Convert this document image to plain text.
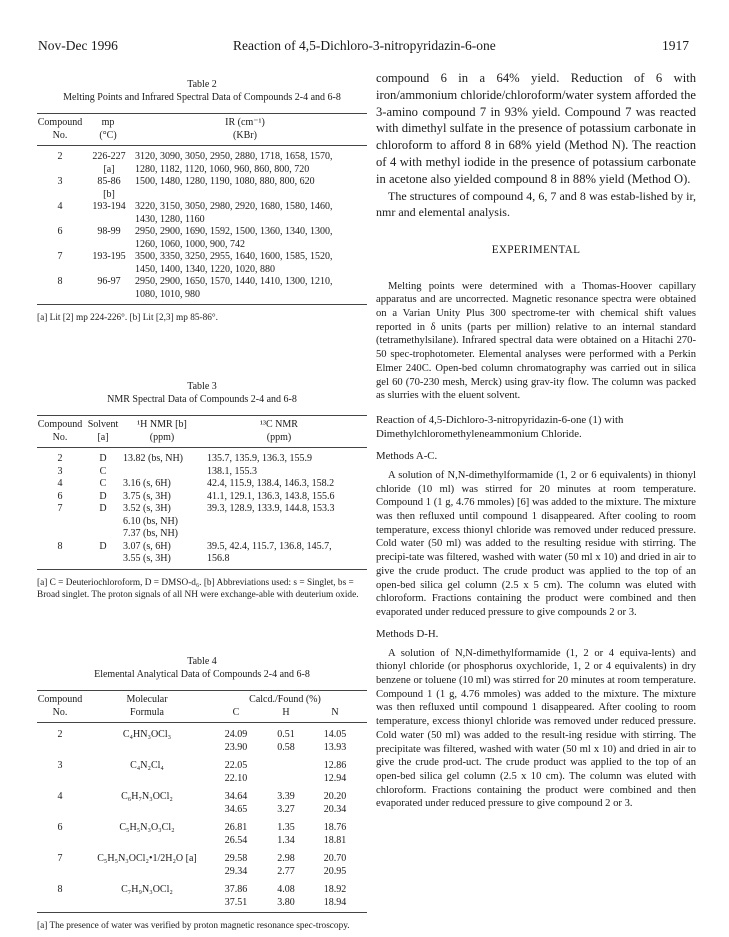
Nov-Dec 1996	Reaction of 4,5-Dichloro-3-nitropyridazin-6-one	1917
Table 2
Melting Points and Infrared Spectral Data of Compounds 2-4 and 6-8
Compound	mp	IR (cm⁻¹)
No.	(°C)	(KBr)
2	226-227	3120, 3090, 3050, 2950, 2880, 1718, 1658, 1570,
	[a]	1280, 1182, 1120, 1060, 960, 860, 800, 720
3	85-86	1500, 1480, 1280, 1190, 1080, 880, 800, 620
	[b]	
4	193-194	3220, 3150, 3050, 2980, 2920, 1680, 1580, 1460,
		1430, 1280, 1160
6	98-99	2950, 2900, 1690, 1592, 1500, 1360, 1340, 1300,
		1260, 1060, 1000, 900, 742
7	193-195	3500, 3350, 3250, 2955, 1640, 1600, 1585, 1520,
		1450, 1400, 1340, 1220, 1020, 880
8	96-97	2950, 2900, 1650, 1570, 1440, 1410, 1300, 1210,
		1080, 1010, 980
[a] Lit [2] mp 224-226°. [b] Lit [2,3] mp 85-86°.
Table 3
NMR Spectral Data of Compounds 2-4 and 6-8
Compound	Solvent	¹H NMR [b]	¹³C NMR
No.	[a]	(ppm)	(ppm)
2	D	13.82 (bs, NH)	135.7, 135.9, 136.3, 155.9
3	C		138.1, 155.3
4	C	3.16 (s, 6H)	42.4, 115.9, 138.4, 146.3, 158.2
6	D	3.75 (s, 3H)	41.1, 129.1, 136.3, 143.8, 155.6
7	D	3.52 (s, 3H)	39.3, 128.9, 133.9, 144.8, 153.3
		6.10 (bs, NH)	
		7.37 (bs, NH)	
8	D	3.07 (s, 6H)	39.5, 42.4, 115.7, 136.8, 145.7,
		3.55 (s, 3H)	156.8
[a] C = Deuteriochloroform, D = DMSO-d₆. [b] Abbreviations used: s = Singlet, bs = Broad singlet. The proton signals of all NH were exchange-able with deuterium oxide.
Table 4
Elemental Analytical Data of Compounds 2-4 and 6-8
Compound	Molecular	Calcd./Found (%)		
No.	Formula	C	H	N
2	C₄HN₃OCl₃	24.09	0.51	14.05
		23.90	0.58	13.93

3	C₄N₂Cl₄	22.05		12.86
		22.10		12.94

4	C₆H₇N₃OCl₂	34.64	3.39	20.20
		34.65	3.27	20.34

6	C₅H₅N₃O₃Cl₂	26.81	1.35	18.76
		26.54	1.34	18.81

7	C₅H₅N₃OCl₂•1/2H₂O [a]	29.58	2.98	20.70
		29.34	2.77	20.95

8	C₇H₉N₃OCl₂	37.86	4.08	18.92
		37.51	3.80	18.94
[a] The presence of water was verified by proton magnetic resonance spec-troscopy.

compound 6 in a 64% yield. Reduction of 6 with iron/ammonium chloride/chloroform/water system afforded the 3-amino compound 7 in 93% yield. Compound 7 was reacted with dimethyl sulfate in the presence of potassium carbonate in chloroform to afford 8 in 68% yield (Method N). The reaction of 4 with methyl iodide in the presence of potassium carbonate in acetone also yielded compound 8 in 88% yield (Method O).

The structures of compound 4, 6, 7 and 8 was estab-lished by ir, nmr and elemental analysis.

EXPERIMENTAL

Melting points were determined with a Thomas-Hoover capillary apparatus and are uncorrected. Magnetic resonance spectra were obtained on a Varian Unity Plus 300 spectrome-ter with chemical shift values reported in δ units (parts per million) relative to an internal standard (tetramethylsilane). Infrared spectral data were obtained on a Hitachi 270-50 spec-trophotometer. Elemental analyses were performed with a Perkin Elmer 240C. Open-bed column chromatography was carried out in silica gel 60 (70-230 mesh, Merck) using grav-ity flow. The column was packed as slurries with the eluent solvent.

Reaction of 4,5-Dichloro-3-nitropyridazin-6-one (1) with Dimethylchloromethyleneammonium Chloride.

Methods A-C.

A solution of N,N-dimethylformamide (1, 2 or 6 equivalents) in thionyl chloride (10 ml) was stirred for 20 minutes at room temperature. Compound 1 (1 g, 4.76 mmoles) [6] was added to the mixture. The mixture was then refluxed until compound 1 disappeared. After cooling to room temperature, excess thionyl chloride was removed under reduced pressure. Cold water (50 ml) was added to the resulting residue with stirring. The precipi-tate was filtered, washed with water (50 ml x 10) and dried in air to give the crude product. The crude product was applied to the top of an open-bed silica gel column (2.5 x 5 cm). The column was eluted with chloroform. Fractions containing the product were combined and then evaporated under reduced pressure to give compounds 2 or 3.

Methods D-H.

A solution of N,N-dimethylformamide (1, 2 or 4 equiva-lents) and thionyl chloride (or phosphorus oxychloride, 1, 2 or 4 equivalents) in dry benzene or toluene (10 ml) was stirred for 20 minutes at room temperature. Compound 1 (1 g, 4.76 mmoles) was added to the mixture. The mixture was then refluxed until compound 1 disappeared. After cooling to room temperature, excess thionyl chloride was removed under reduced pressure. Cold water (50 ml) was added to the result-ing residue with stirring. The precipitate was filtered, washed with water (50 ml x 10) and dried in air to give the crude prod-uct. The crude product was applied to the top of an open-bed silica gel column (2.5 x 10 cm). The column was eluted with chloroform. Fractions containing the product were combined and then evaporated under reduced pressure to give compound 2 or 3.
